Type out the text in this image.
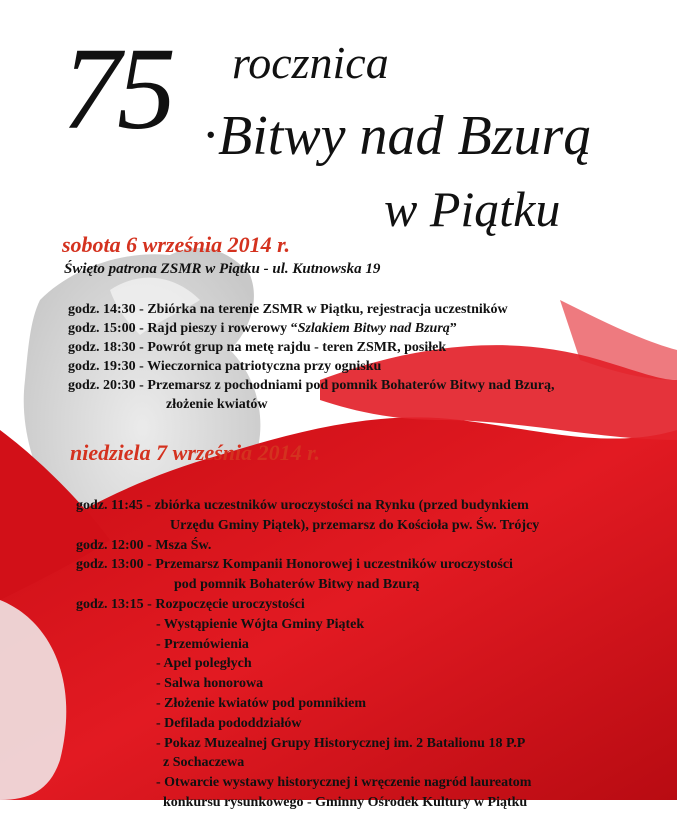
75 .
rocznica
Bitwy nad Bzurą
w Piątku
sobota 6 września 2014 r.
Święto patrona ZSMR w Piątku - ul. Kutnowska 19
godz. 14:30 - Zbiórka na terenie ZSMR w Piątku, rejestracja uczestników
godz. 15:00 - Rajd pieszy i rowerowy “Szlakiem Bitwy nad Bzurą”
godz. 18:30 - Powrót grup na metę rajdu - teren ZSMR, posiłek
godz. 19:30 - Wieczornica patriotyczna przy ognisku
godz. 20:30 - Przemarsz z pochodniami pod pomnik Bohaterów Bitwy nad Bzurą,
złożenie kwiatów
niedziela 7 września 2014 r.
godz. 11:45 - zbiórka uczestników uroczystości na Rynku (przed budynkiem
Urzędu Gminy Piątek), przemarsz do Kościoła pw. Św. Trójcy
godz. 12:00 - Msza Św.
godz. 13:00 - Przemarsz Kompanii Honorowej i uczestników uroczystości
pod pomnik Bohaterów Bitwy nad Bzurą
godz. 13:15 - Rozpoczęcie uroczystości
- Wystąpienie Wójta Gminy Piątek
- Przemówienia
- Apel poległych
- Salwa honorowa
- Złożenie kwiatów pod pomnikiem
- Defilada pododdziałów
- Pokaz Muzealnej Grupy Historycznej im. 2 Batalionu 18 P.P
z Sochaczewa
- Otwarcie wystawy historycznej i wręczenie nagród laureatom
konkursu rysunkowego - Gminny Ośrodek Kultury w Piątku
